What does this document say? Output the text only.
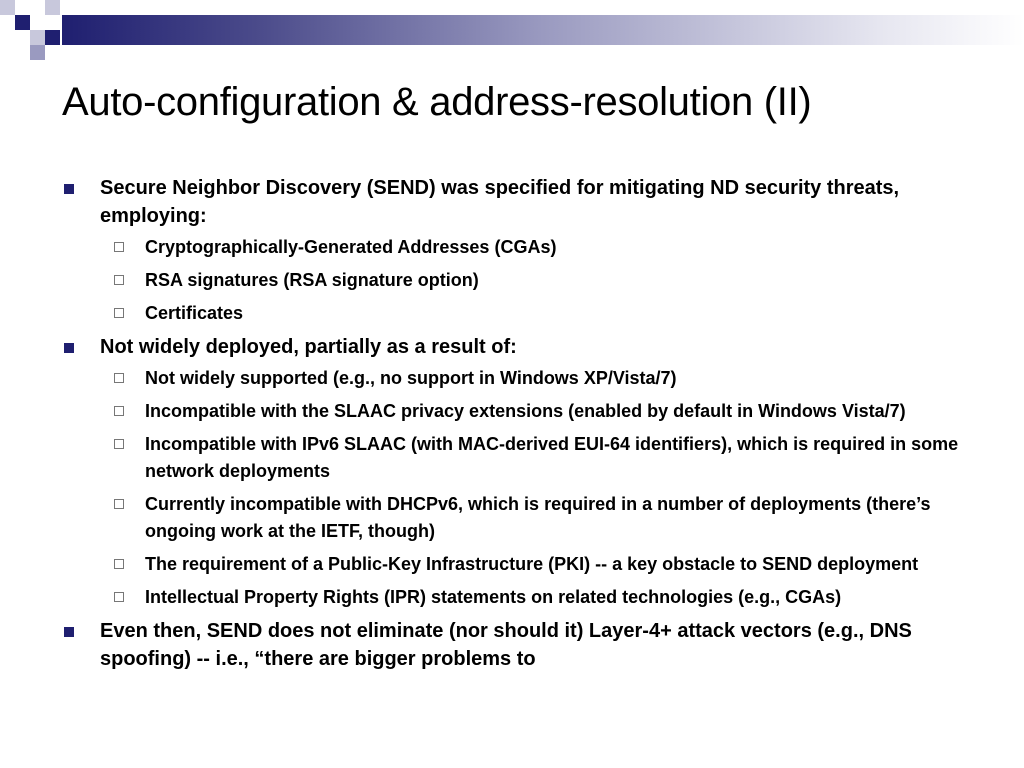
Auto-configuration & address-resolution (II)
Secure Neighbor Discovery (SEND) was specified for mitigating ND security threats, employing:
Cryptographically-Generated Addresses (CGAs)
RSA signatures (RSA signature option)
Certificates
Not widely deployed, partially as a result of:
Not widely supported (e.g., no support in Windows XP/Vista/7)
Incompatible with the SLAAC privacy extensions (enabled by default in Windows Vista/7)
Incompatible with IPv6 SLAAC (with MAC-derived EUI-64 identifiers), which is required in some network deployments
Currently incompatible with DHCPv6, which is required in a number of deployments (there’s ongoing work at the IETF, though)
The requirement of a Public-Key Infrastructure (PKI) -- a key obstacle to SEND deployment
Intellectual Property Rights (IPR) statements on related technologies (e.g., CGAs)
Even then, SEND does not eliminate (nor should it) Layer-4+ attack vectors (e.g., DNS spoofing) -- i.e., “there are bigger problems to
